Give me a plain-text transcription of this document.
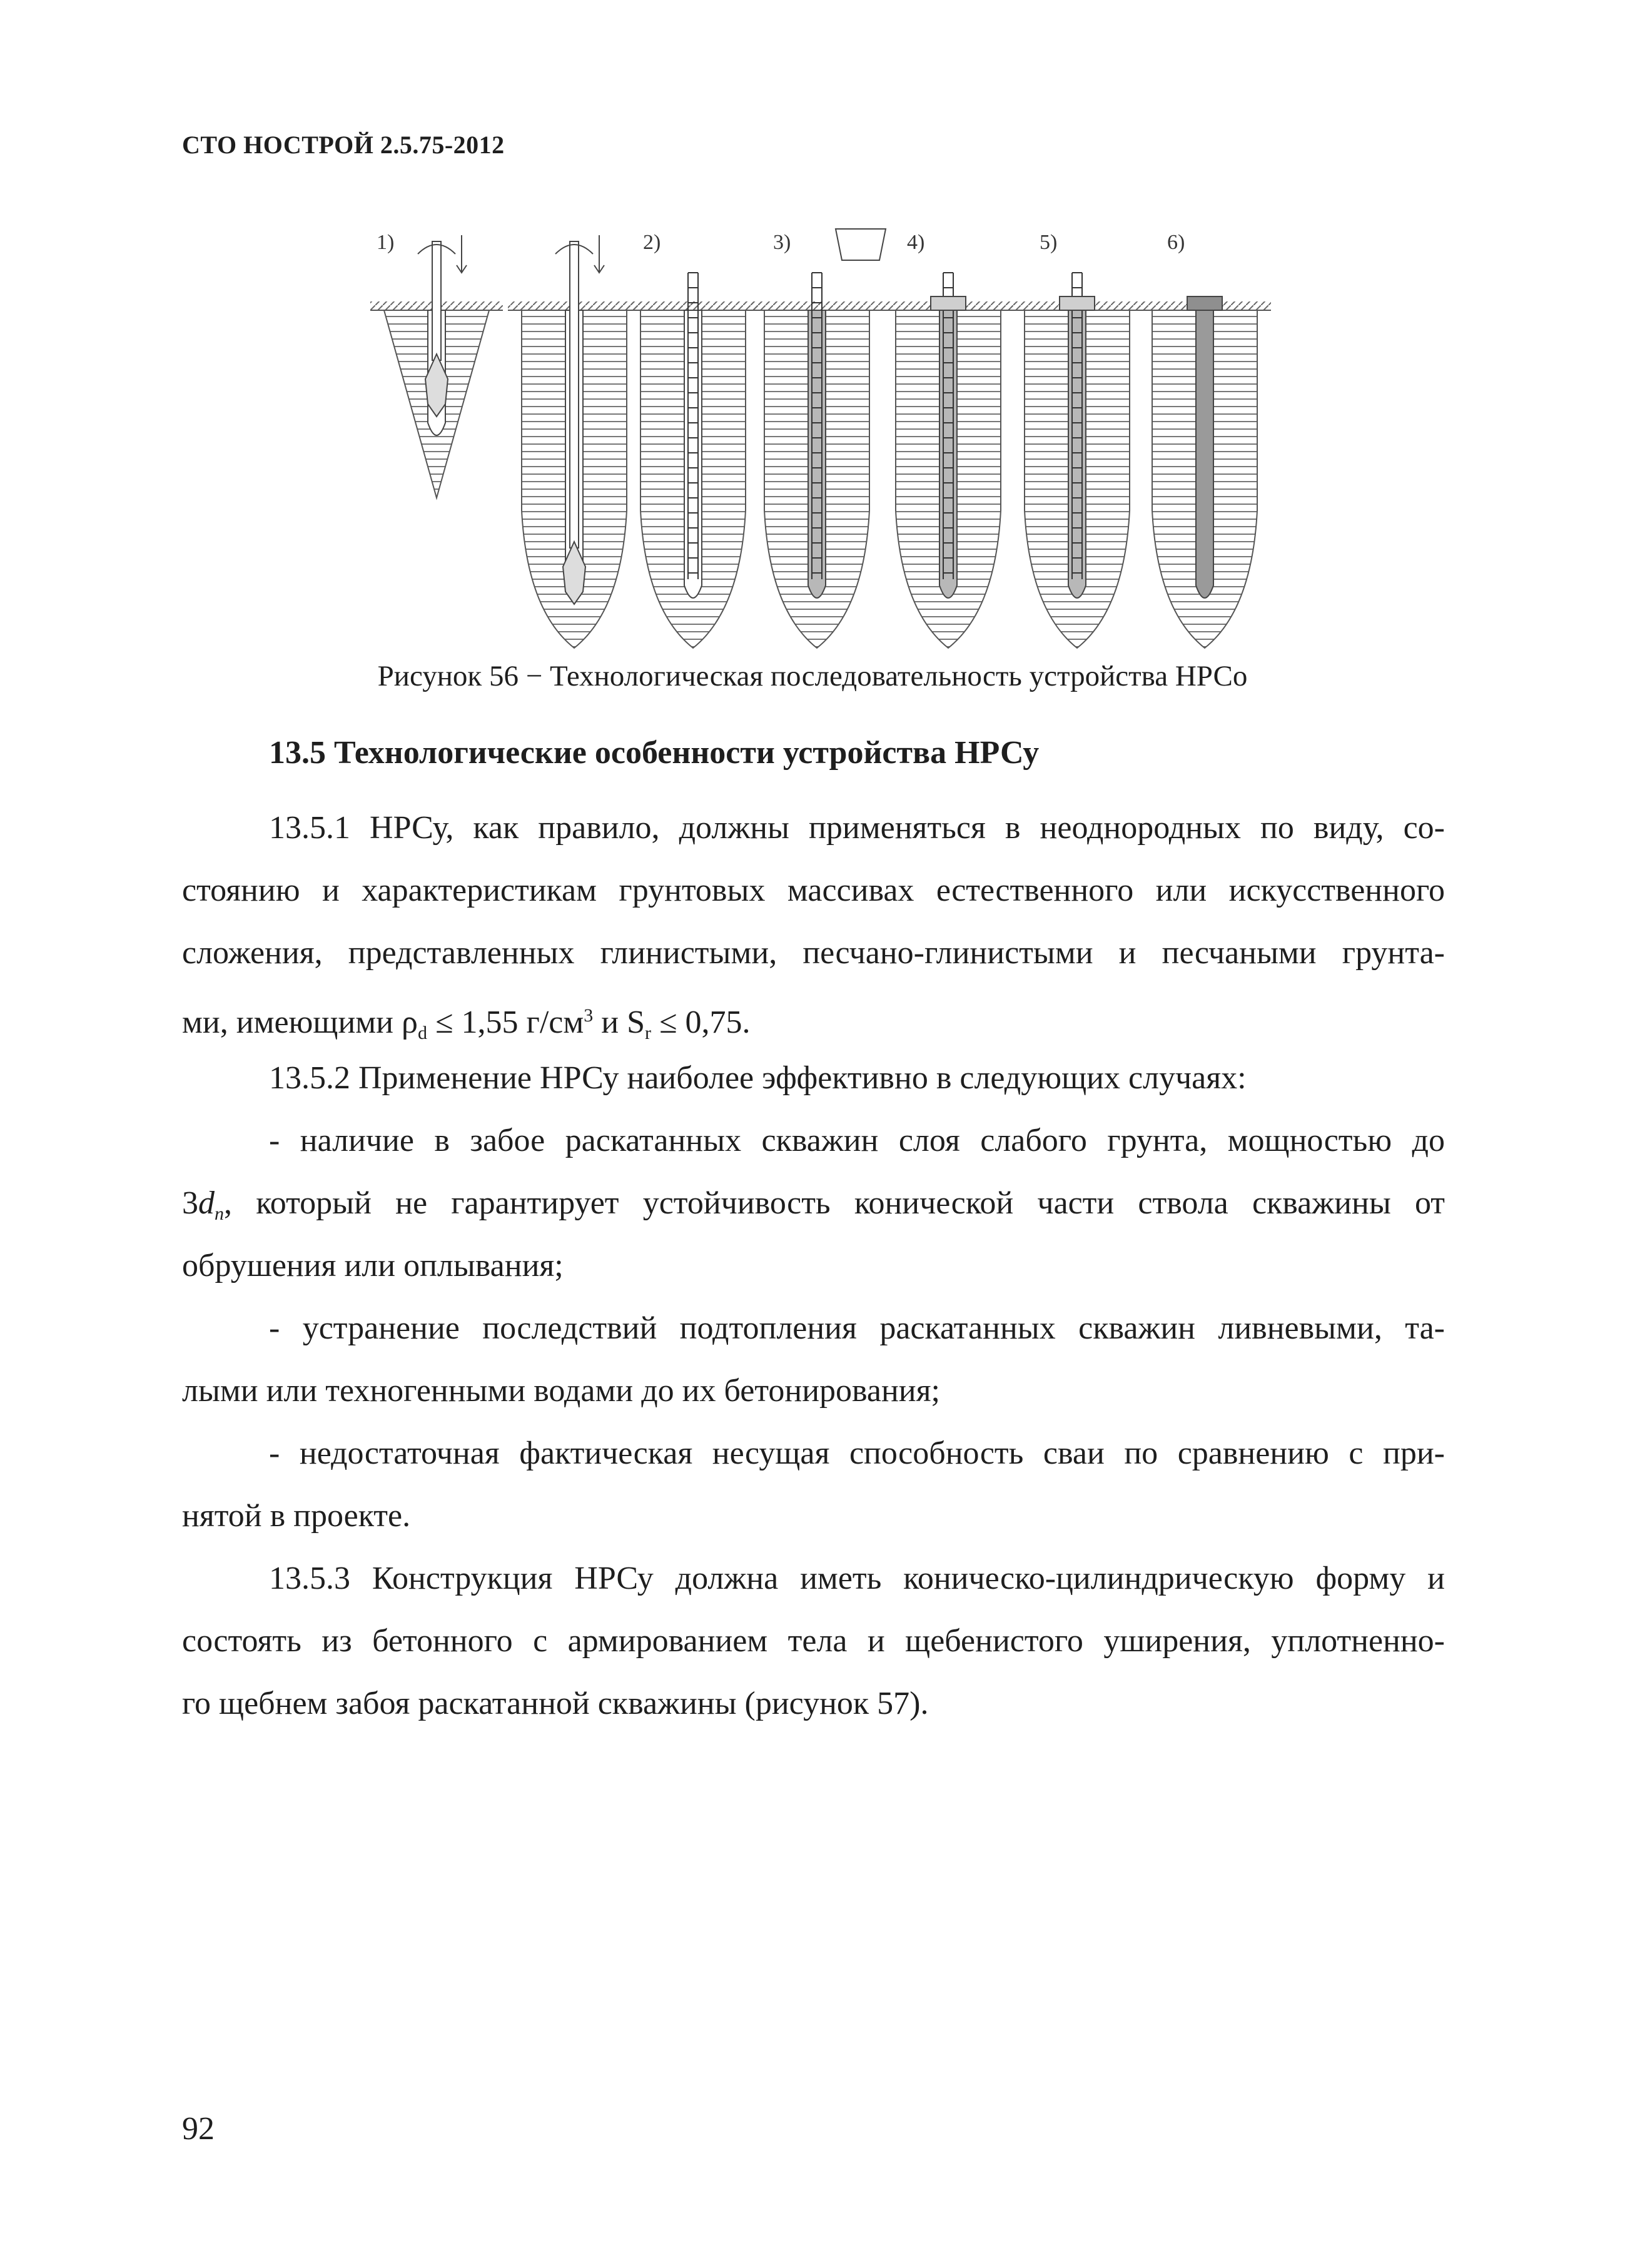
СТО НОСТРОЙ 2.5.75-2012
1)	2)	3)	4)	5)	6)
Рисунок 56 − Технологическая последовательность устройства НРСо
13.5 Технологические особенности устройства НРСу
13.5.1 НРСу, как правило, должны применяться в неоднородных по виду, со-
стоянию и характеристикам грунтовых массивах естественного или искусственного
сложения, представленных глинистыми, песчано-глинистыми и песчаными грунта-
ми, имеющими $\rho_d \le 1,55$ $г/см^3$ и $S_r \le 0,75$.
13.5.2 Применение НРСу наиболее эффективно в следующих случаях:
- наличие в забое раскатанных скважин слоя слабого грунта, мощностью до
$3d_п$, который не гарантирует устойчивость конической части ствола скважины от
обрушения или оплывания;
- устранение последствий подтопления раскатанных скважин ливневыми, та-
лыми или техногенными водами до их бетонирования;
- недостаточная фактическая несущая способность сваи по сравнению с при-
нятой в проекте.
13.5.3 Конструкция НРСу должна иметь коническо-цилиндрическую форму и
состоять из бетонного с армированием тела и щебенистого уширения, уплотненно-
го щебнем забоя раскатанной скважины (рисунок 57).
92
